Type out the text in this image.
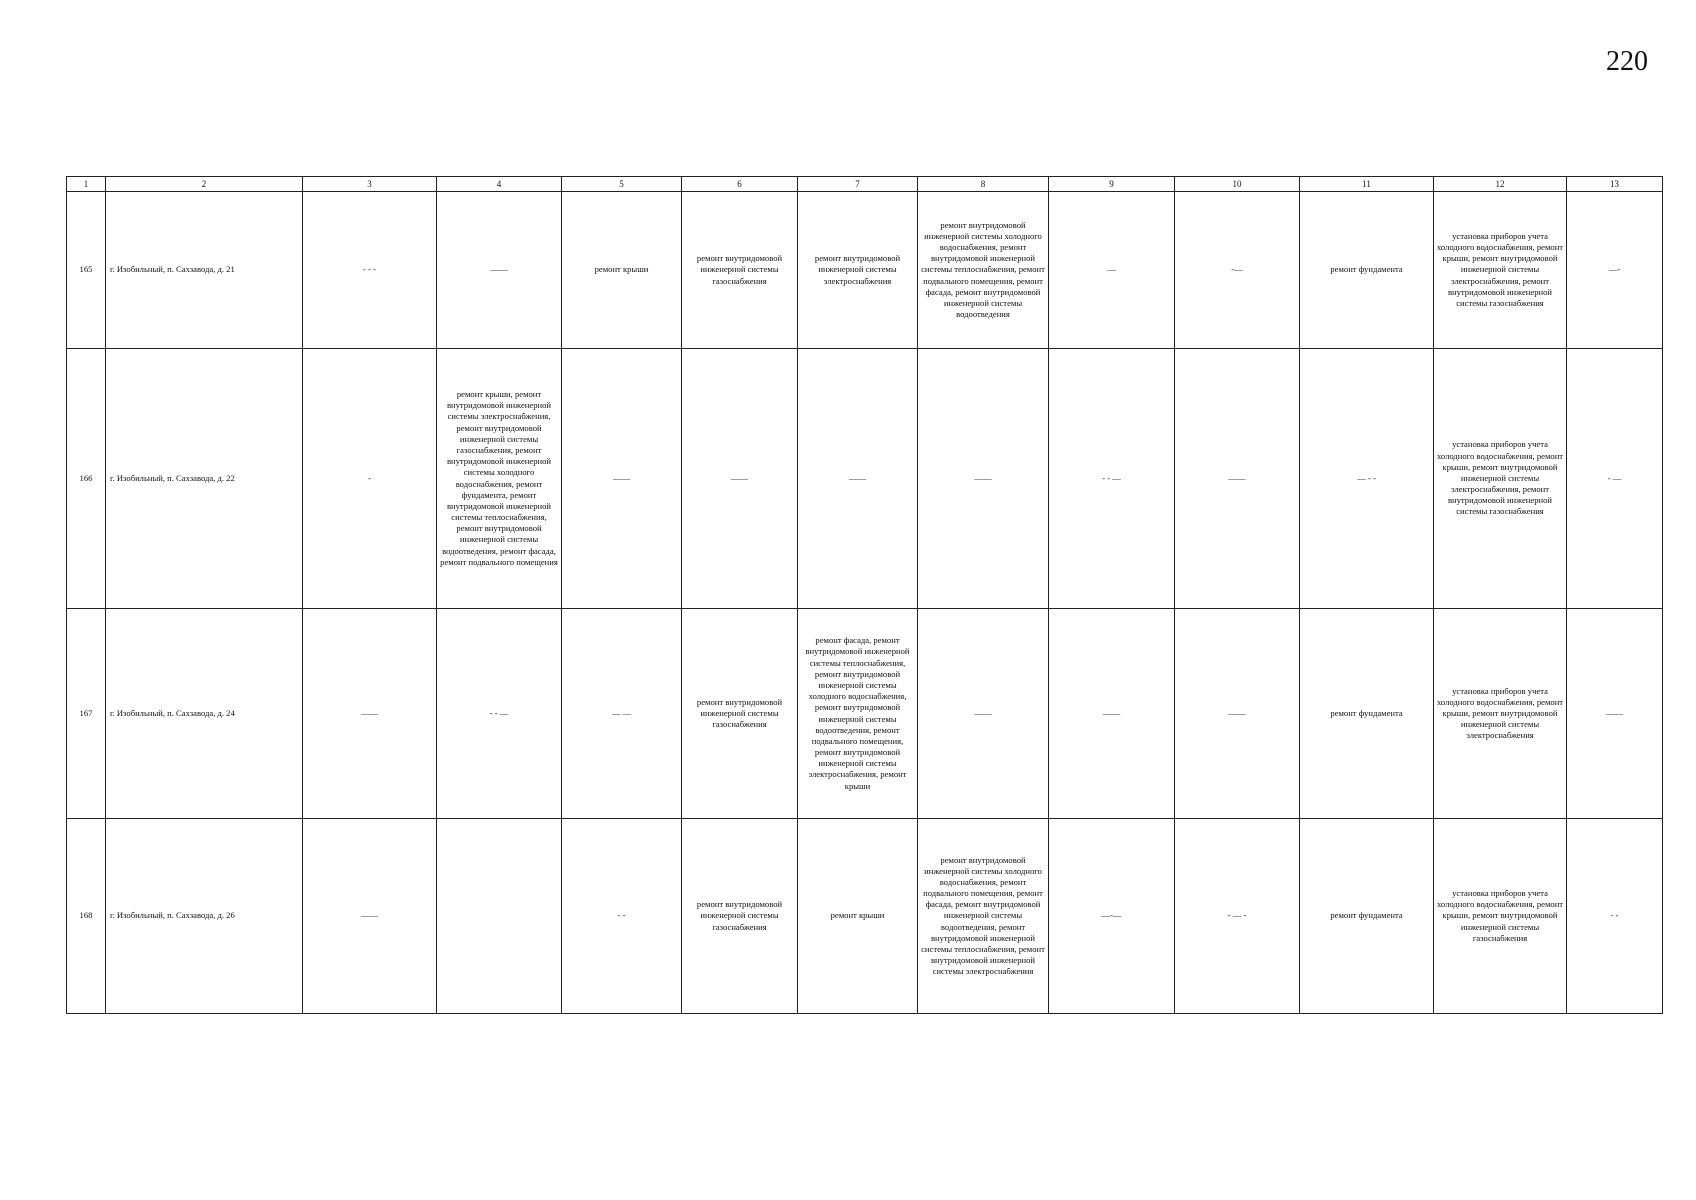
220
1	2	3	4	5	6	7	8	9	10	11	12	13
165	г. Изобильный, п. Сахзавода, д. 21	- - -	——	ремонт крыши	ремонт внутридомовой инженерной системы газоснабжения	ремонт внутридомовой инженерной системы электроснабжения	ремонт внутридомовой инженерной системы холодного водоснабжения, ремонт внутридомовой инженерной системы теплоснабжения, ремонт подвального помещения, ремонт фасада, ремонт внутридомовой инженерной системы водоотведения	—	-—	ремонт фундамента	установка приборов учета холодного водоснабжения, ремонт крыши, ремонт внутридомовой инженерной системы электроснабжения, ремонт внутридомовой инженерной системы газоснабжения	—-
166	г. Изобильный, п. Сахзавода, д. 22	-	ремонт крыши, ремонт внутридомовой инженерной системы электроснабжения, ремонт внутридомовой инженерной системы газоснабжения, ремонт внутридомовой инженерной системы холодного водоснабжения, ремонт фундамента, ремонт внутридомовой инженерной системы теплоснабжения, ремонт внутридомовой инженерной системы водоотведения, ремонт фасада, ремонт подвального помещения	——	——	——	——	- - —	——	— - -	установка приборов учета холодного водоснабжения, ремонт крыши, ремонт внутридомовой инженерной системы электроснабжения, ремонт внутридомовой инженерной системы газоснабжения	- —
167	г. Изобильный, п. Сахзавода, д. 24	——	- - —	— —	ремонт внутридомовой инженерной системы газоснабжения	ремонт фасада, ремонт внутридомовой инженерной системы теплоснабжения, ремонт внутридомовой инженерной системы холодного водоснабжения, ремонт внутридомовой инженерной системы водоотведения, ремонт подвального помещения, ремонт внутридомовой инженерной системы электроснабжения, ремонт крыши	——	——	——	ремонт фундамента	установка приборов учета холодного водоснабжения, ремонт крыши, ремонт внутридомовой инженерной системы электроснабжения	——
168	г. Изобильный, п. Сахзавода, д. 26	——		- -	ремонт внутридомовой инженерной системы газоснабжения	ремонт крыши	ремонт внутридомовой инженерной системы холодного водоснабжения, ремонт подвального помещения, ремонт фасада, ремонт внутридомовой инженерной системы водоотведения, ремонт внутридомовой инженерной системы теплоснабжения, ремонт внутридомовой инженерной системы электроснабжения	—-—	- — -	ремонт фундамента	установка приборов учета холодного водоснабжения, ремонт крыши, ремонт внутридомовой инженерной системы газоснабжения	- -
